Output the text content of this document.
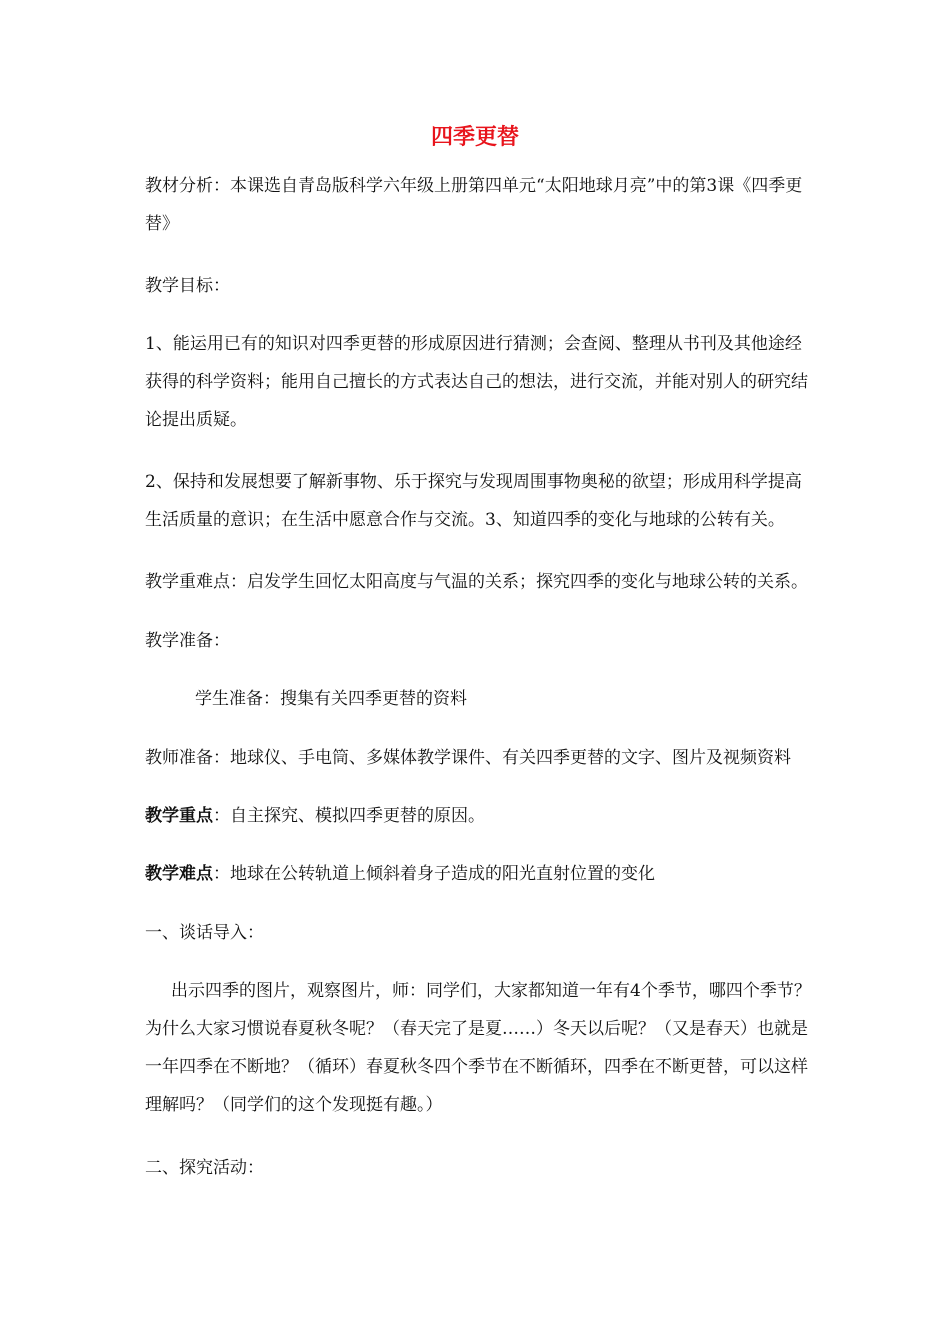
四季更替

教材分析：本课选自青岛版科学六年级上册第四单元“太阳地球月亮”中的第3课《四季更替》

教学目标：

1、能运用已有的知识对四季更替的形成原因进行猜测；会查阅、整理从书刊及其他途经获得的科学资料；能用自己擅长的方式表达自己的想法，进行交流，并能对别人的研究结论提出质疑。

2、保持和发展想要了解新事物、乐于探究与发现周围事物奥秘的欲望；形成用科学提高生活质量的意识；在生活中愿意合作与交流。3、知道四季的变化与地球的公转有关。

教学重难点：启发学生回忆太阳高度与气温的关系；探究四季的变化与地球公转的关系。

教学准备：

学生准备：搜集有关四季更替的资料

教师准备：地球仪、手电筒、多媒体教学课件、有关四季更替的文字、图片及视频资料

教学重点：自主探究、模拟四季更替的原因。

教学难点：地球在公转轨道上倾斜着身子造成的阳光直射位置的变化

一、谈话导入：

出示四季的图片，观察图片，师：同学们，大家都知道一年有4个季节，哪四个季节？为什么大家习惯说春夏秋冬呢？（春天完了是夏……）冬天以后呢？（又是春天）也就是一年四季在不断地？（循环）春夏秋冬四个季节在不断循环，四季在不断更替，可以这样理解吗？（同学们的这个发现挺有趣。）

二、探究活动：
